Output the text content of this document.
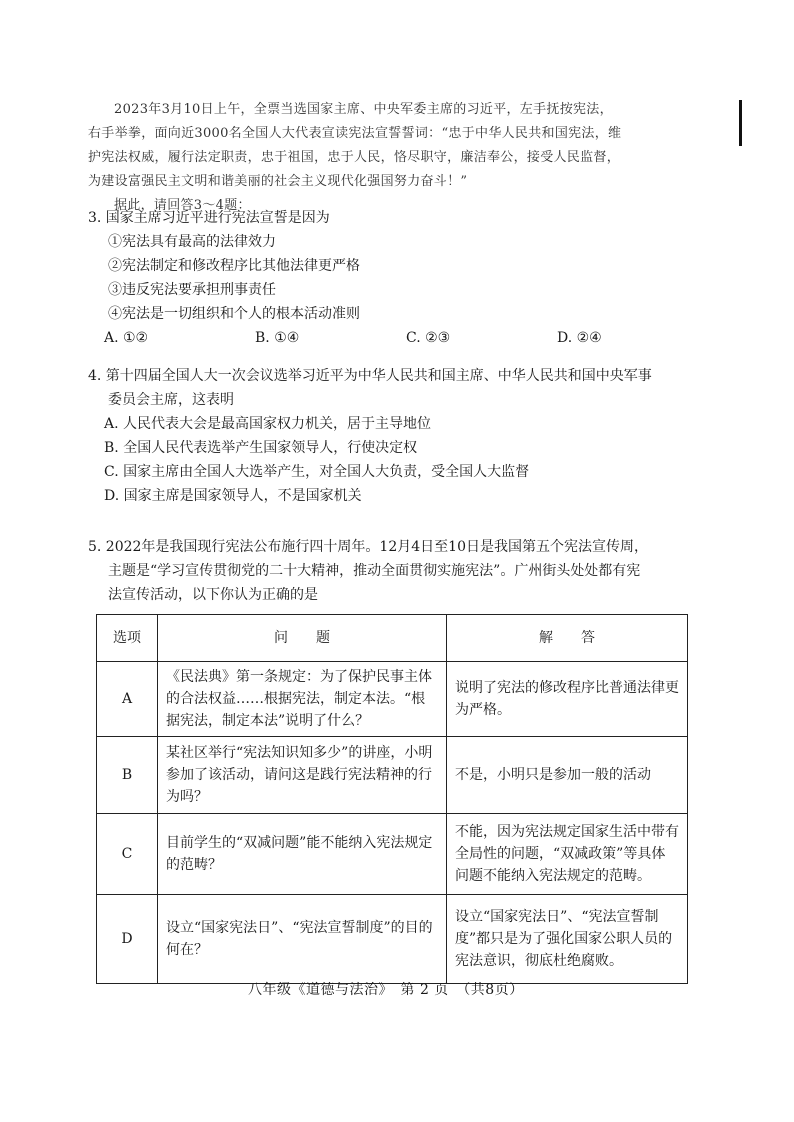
2023年3月10日上午，全票当选国家主席、中央军委主席的习近平，左手抚按宪法，

右手举拳，面向近3000名全国人大代表宣读宪法宣誓誓词：“忠于中华人民共和国宪法，维

护宪法权威，履行法定职责，忠于祖国，忠于人民，恪尽职守，廉洁奉公，接受人民监督，

为建设富强民主文明和谐美丽的社会主义现代化强国努力奋斗！”

据此，请回答3～4题：

3. 国家主席习近平进行宪法宣誓是因为

①宪法具有最高的法律效力

②宪法制定和修改程序比其他法律更严格

③违反宪法要承担刑事责任

④宪法是一切组织和个人的根本活动准则

A. ①②	B. ①④	C. ②③	D. ②④

4. 第十四届全国人大一次会议选举习近平为中华人民共和国主席、中华人民共和国中央军事

委员会主席，这表明

A. 人民代表大会是最高国家权力机关，居于主导地位

B. 全国人民代表选举产生国家领导人，行使决定权

C. 国家主席由全国人大选举产生，对全国人大负责，受全国人大监督

D. 国家主席是国家领导人，不是国家机关

5. 2022年是我国现行宪法公布施行四十周年。12月4日至10日是我国第五个宪法宣传周，

主题是“学习宣传贯彻党的二十大精神，推动全面贯彻实施宪法”。广州街头处处都有宪

法宣传活动，以下你认为正确的是

选项	问　　题	解　　答
A	《民法典》第一条规定：为了保护民事主体的合法权益……根据宪法，制定本法。“根据宪法，制定本法”说明了什么？	说明了宪法的修改程序比普通法律更为严格。
B	某社区举行“宪法知识知多少”的讲座，小明参加了该活动，请问这是践行宪法精神的行为吗？	不是，小明只是参加一般的活动
C	目前学生的“双减问题”能不能纳入宪法规定的范畴？	不能，因为宪法规定国家生活中带有全局性的问题，“双减政策”等具体问题不能纳入宪法规定的范畴。
D	设立“国家宪法日”、“宪法宣誓制度”的目的何在？	设立“国家宪法日”、“宪法宣誓制度”都只是为了强化国家公职人员的宪法意识，彻底杜绝腐败。
八年级《道德与法治》　第 2 页　（共8页）
